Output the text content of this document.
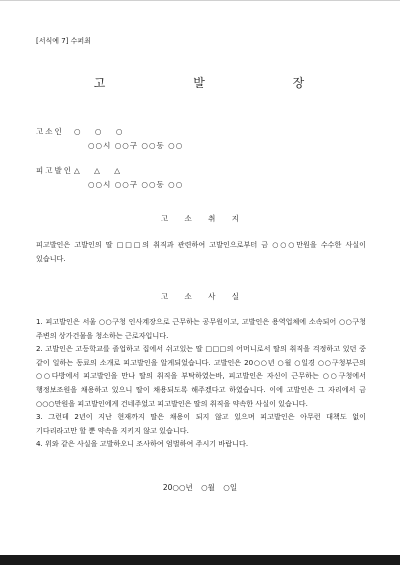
[서식예 7] 수퍼최
고 발 장
고소인 ○ ○ ○
○○시 ○○구 ○○동 ○○
피고발인 △ △ △
○○시 ○○구 ○○동 ○○
고 소 취 지

피고발인은 고발인의 딸 □□□의 취직과 관련하여 고발인으로부터 금 ○○○만원을 수수한 사실이 있습니다.

고 소 사 실

1. 피고발인은 서울 ○○구청 인사계장으로 근무하는 공무원이고, 고발인은 용역업체에 소속되어 ○○구청 주변의 상가건물을 청소하는 근로자입니다.

2. 고발인은 고등학교를 졸업하고 집에서 쉬고있는 딸 □□□의 어머니로서 딸의 취직을 걱정하고 있던 중 같이 일하는 동료의 소개로 피고발인을 알게되었습니다. 고발인은 20○○년 ○월 ○일경 ○○구청부근의 ○○다방에서 피고발인을 만나 딸의 취직을 부탁하였는바, 피고발인은 자신이 근무하는 ○○구청에서 행정보조원을 채용하고 있으니 딸이 채용되도록 해주겠다고 하였습니다. 이에 고발인은 그 자리에서 금 ○○○만원을 피고발인에게 건네주었고 피고발인은 딸의 취직을 약속한 사실이 있습니다.

3. 그런데 2년이 지난 현재까지 딸은 채용이 되지 않고 있으며 피고발인은 아무런 대책도 없이 기다리라고만 할 뿐 약속을 지키지 않고 있습니다.

4. 위와 같은 사실을 고발하오니 조사하여 엄벌하여 주시기 바랍니다.

20○○년 ○월 ○일
